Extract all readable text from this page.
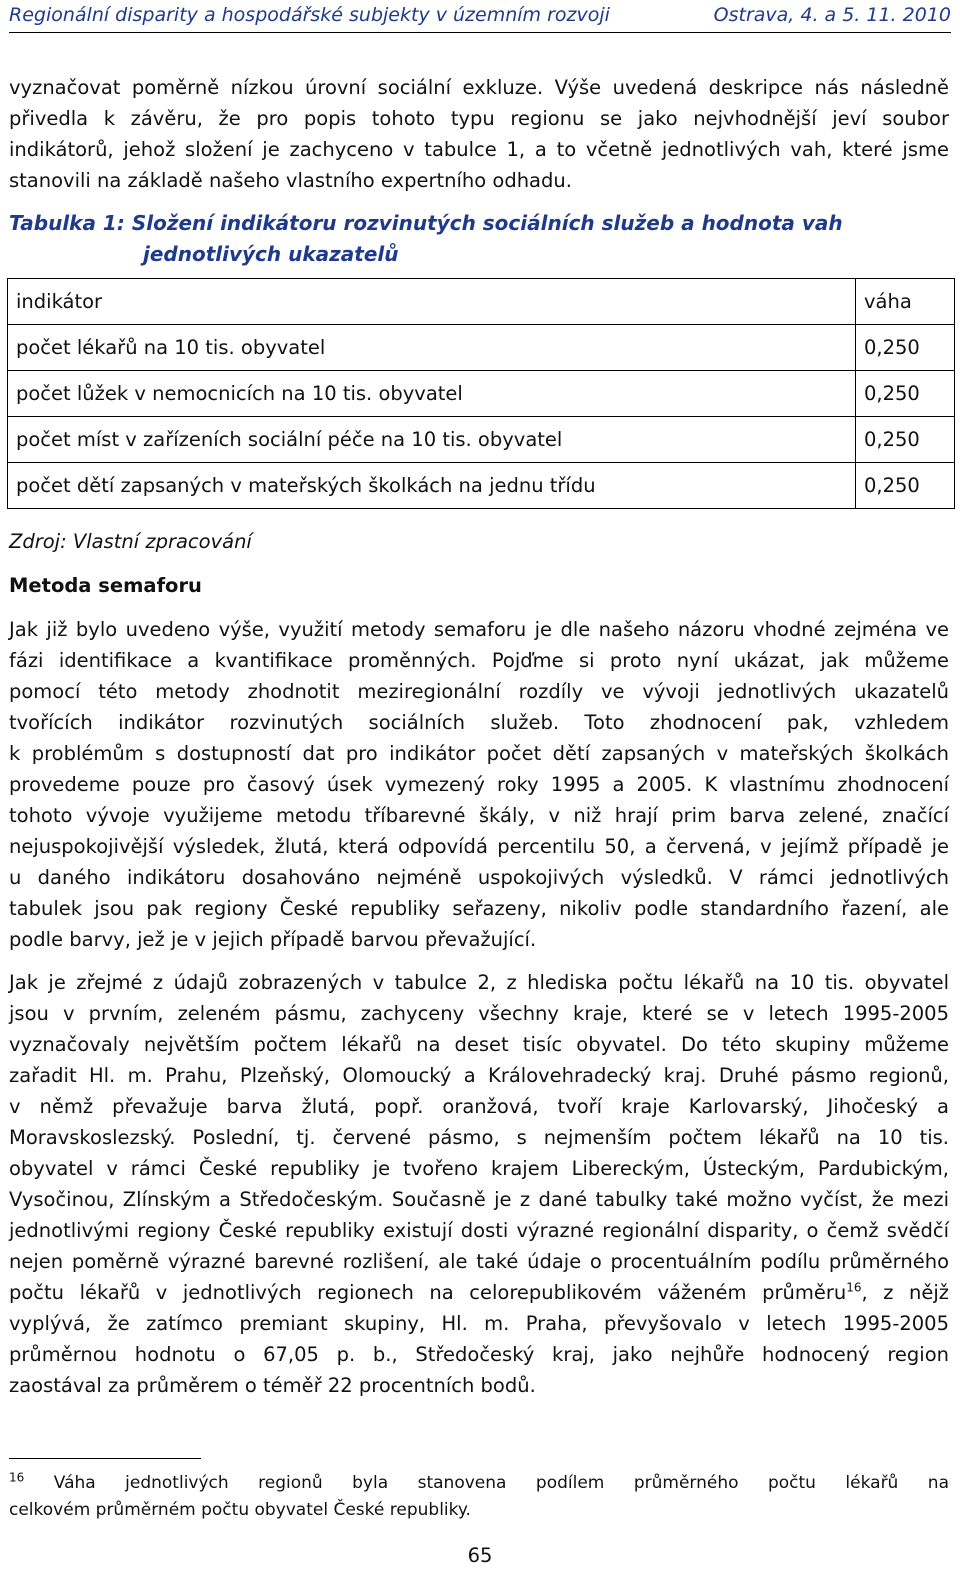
Regionální disparity a hospodářské subjekty v územním rozvoji	Ostrava, 4. a 5. 11. 2010

vyznačovat poměrně nízkou úrovní sociální exkluze. Výše uvedená deskripce nás následně
přivedla k závěru, že pro popis tohoto typu regionu se jako nejvhodnější jeví soubor
indikátorů, jehož složení je zachyceno v tabulce 1, a to včetně jednotlivých vah, které jsme
stanovili na základě našeho vlastního expertního odhadu.

Tabulka 1: Složení indikátoru rozvinutých sociálních služeb a hodnota vah
jednotlivých ukazatelů
indikátor	váha
počet lékařů na 10 tis. obyvatel	0,250
počet lůžek v nemocnicích na 10 tis. obyvatel	0,250
počet míst v zařízeních sociální péče na 10 tis. obyvatel	0,250
počet dětí zapsaných v mateřských školkách na jednu třídu	0,250
Zdroj: Vlastní zpracování
Metoda semaforu

Jak již bylo uvedeno výše, využití metody semaforu je dle našeho názoru vhodné zejména ve
fázi identifikace a kvantifikace proměnných. Pojďme si proto nyní ukázat, jak můžeme
pomocí této metody zhodnotit meziregionální rozdíly ve vývoji jednotlivých ukazatelů
tvořících indikátor rozvinutých sociálních služeb. Toto zhodnocení pak, vzhledem
k problémům s dostupností dat pro indikátor počet dětí zapsaných v mateřských školkách
provedeme pouze pro časový úsek vymezený roky 1995 a 2005. K vlastnímu zhodnocení
tohoto vývoje využijeme metodu tříbarevné škály, v niž hrají prim barva zelené, značící
nejuspokojivější výsledek, žlutá, která odpovídá percentilu 50, a červená, v jejímž případě je
u daného indikátoru dosahováno nejméně uspokojivých výsledků. V rámci jednotlivých
tabulek jsou pak regiony České republiky seřazeny, nikoliv podle standardního řazení, ale
podle barvy, jež je v jejich případě barvou převažující.

Jak je zřejmé z údajů zobrazených v tabulce 2, z hlediska počtu lékařů na 10 tis. obyvatel
jsou v prvním, zeleném pásmu, zachyceny všechny kraje, které se v letech 1995-2005
vyznačovaly největším počtem lékařů na deset tisíc obyvatel. Do této skupiny můžeme
zařadit Hl. m. Prahu, Plzeňský, Olomoucký a Královehradecký kraj. Druhé pásmo regionů,
v němž převažuje barva žlutá, popř. oranžová, tvoří kraje Karlovarský, Jihočeský a
Moravskoslezský. Poslední, tj. červené pásmo, s nejmenším počtem lékařů na 10 tis.
obyvatel v rámci České republiky je tvořeno krajem Libereckým, Ústeckým, Pardubickým,
Vysočinou, Zlínským a Středočeským. Současně je z dané tabulky také možno vyčíst, že mezi
jednotlivými regiony České republiky existují dosti výrazné regionální disparity, o čemž svědčí
nejen poměrně výrazné barevné rozlišení, ale také údaje o procentuálním podílu průměrného
počtu lékařů v jednotlivých regionech na celorepublikovém váženém průměru$^{16}$, z nějž
vyplývá, že zatímco premiant skupiny, Hl. m. Praha, převyšovalo v letech 1995-2005
průměrnou hodnotu o 67,05 p. b., Středočeský kraj, jako nejhůře hodnocený region
zaostával za průměrem o téměř 22 procentních bodů.

$^{16}$ Váha jednotlivých regionů byla stanovena podílem průměrného počtu lékařů na
celkovém průměrném počtu obyvatel České republiky.
65
